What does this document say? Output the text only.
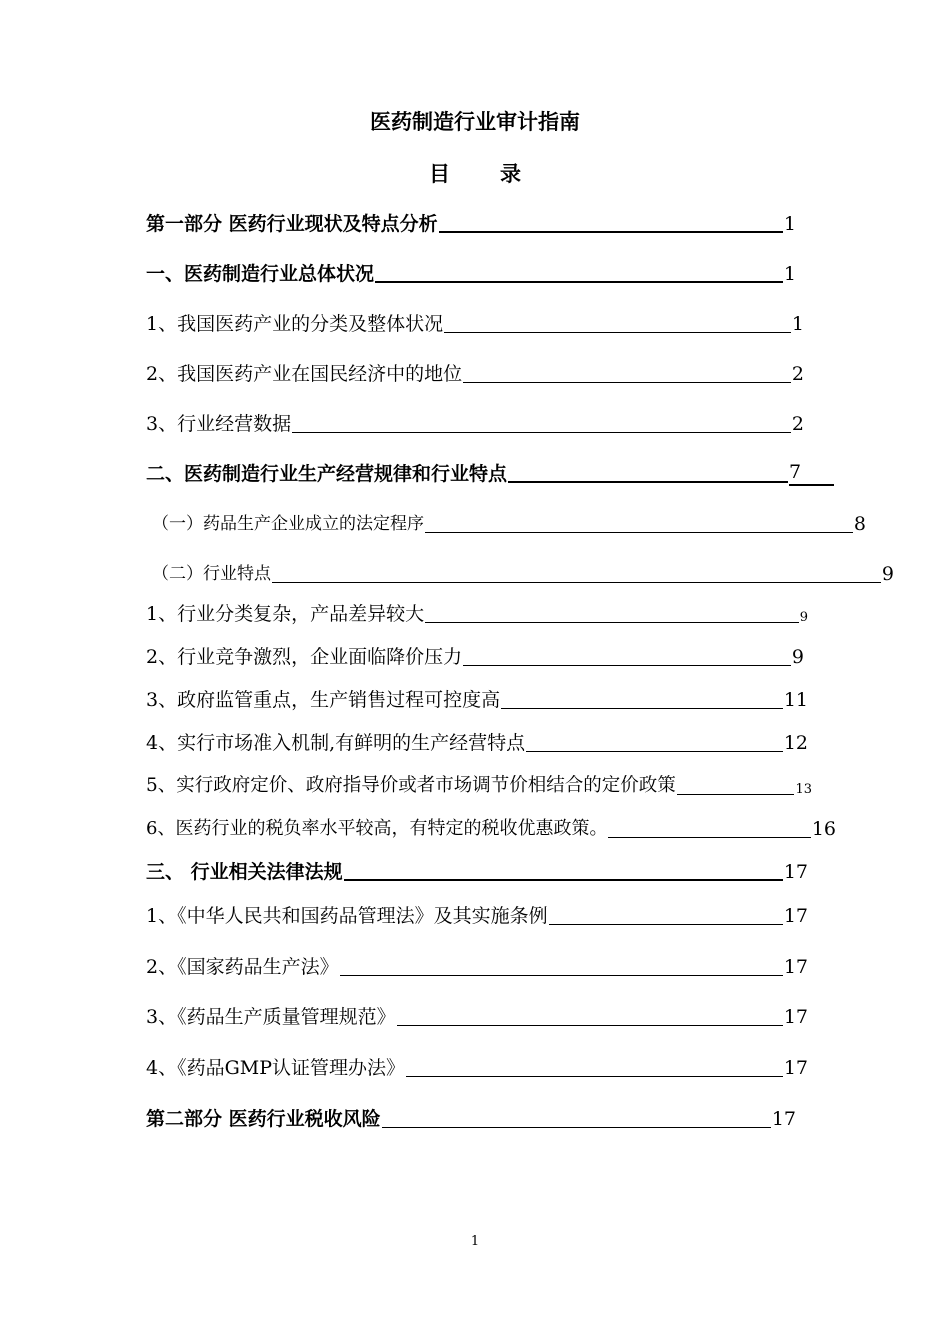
医药制造行业审计指南
目录
第一部分 医药行业现状及特点分析	1
一、医药制造行业总体状况	1
1、我国医药产业的分类及整体状况	1
2、我国医药产业在国民经济中的地位	2
3、行业经营数据	2
二、医药制造行业生产经营规律和行业特点	7
（一）药品生产企业成立的法定程序	8
（二）行业特点	9
1、行业分类复杂，产品差异较大	9
2、行业竞争激烈，企业面临降价压力	9
3、政府监管重点，生产销售过程可控度高	11
4、实行市场准入机制,有鲜明的生产经营特点	12
5、实行政府定价、政府指导价或者市场调节价相结合的定价政策	13
6、医药行业的税负率水平较高，有特定的税收优惠政策。	16
三、 行业相关法律法规	17
1、《中华人民共和国药品管理法》及其实施条例	17
2、《国家药品生产法》	17
3、《药品生产质量管理规范》	17
4、《药品GMP认证管理办法》	17
第二部分 医药行业税收风险	17
1
